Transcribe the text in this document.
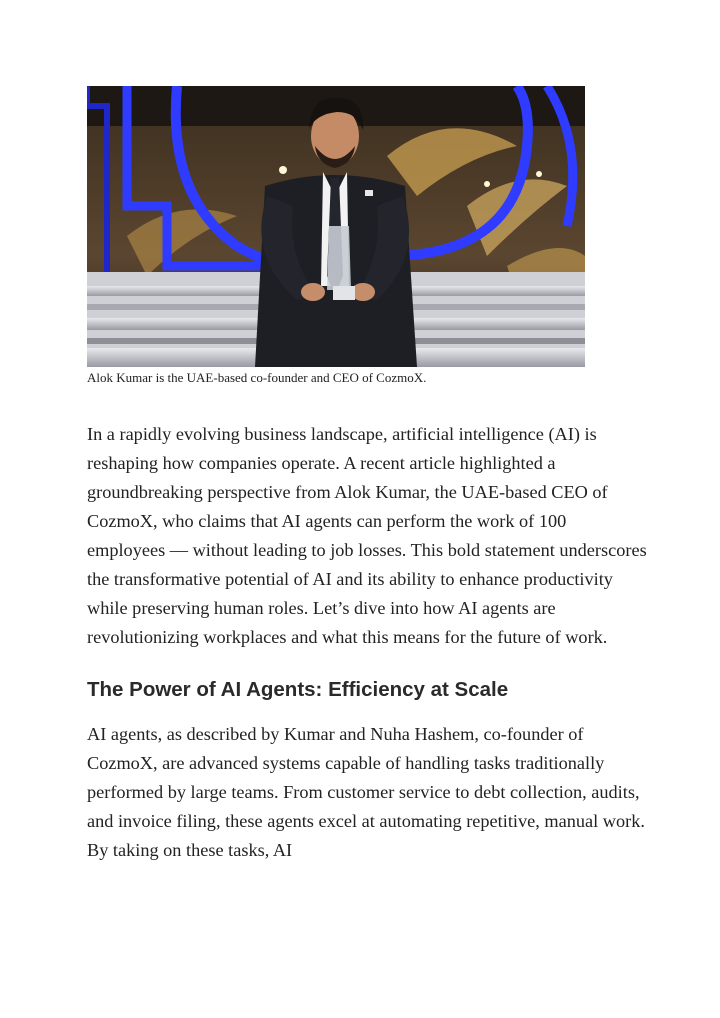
Alok Kumar is the UAE-based co-founder and CEO of CozmoX.

In a rapidly evolving business landscape, artificial intelligence (AI) is reshaping how companies operate. A recent article highlighted a groundbreaking perspective from Alok Kumar, the UAE-based CEO of CozmoX, who claims that AI agents can perform the work of 100 employees — without leading to job losses. This bold statement underscores the transformative potential of AI and its ability to enhance productivity while preserving human roles. Let’s dive into how AI agents are revolutionizing workplaces and what this means for the future of work.

The Power of AI Agents: Efficiency at Scale

AI agents, as described by Kumar and Nuha Hashem, co-founder of CozmoX, are advanced systems capable of handling tasks traditionally performed by large teams. From customer service to debt collection, audits, and invoice filing, these agents excel at automating repetitive, manual work. By taking on these tasks, AI
